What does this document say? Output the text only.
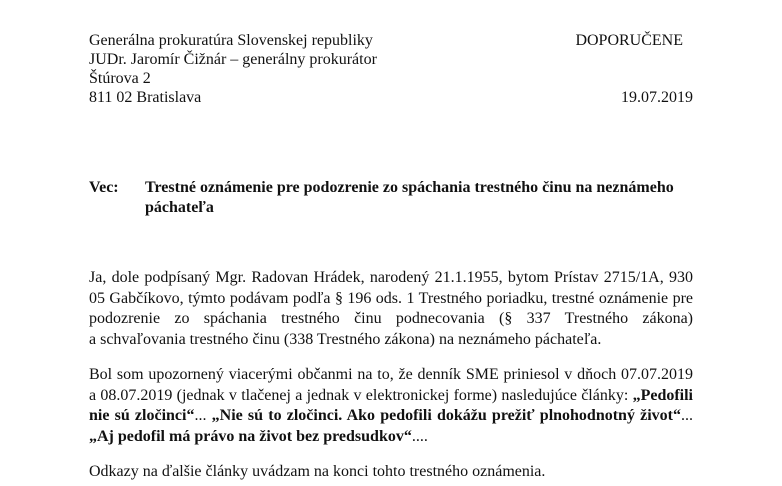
Generálna prokuratúra Slovenskej republiky
JUDr. Jaromír Čižnár – generálny prokurátor
Štúrova 2
811 02 Bratislava
DOPORUČENE
19.07.2019
Vec: Trestné oznámenie pre podozrenie zo spáchania trestného činu na neznámeho
páchateľa
Ja, dole podpísaný Mgr. Radovan Hrádek, narodený 21.1.1955, bytom Prístav 2715/1A, 930
05 Gabčíkovo, týmto podávam podľa § 196 ods. 1 Trestného poriadku, trestné oznámenie pre
podozrenie zo spáchania trestného činu podnecovania (§ 337 Trestného zákona)
a schvaľovania trestného činu (338 Trestného zákona) na neznámeho páchateľa.
Bol som upozornený viacerými občanmi na to, že denník SME priniesol v dňoch 07.07.2019
a 08.07.2019 (jednak v tlačenej a jednak v elektronickej forme) nasledujúce články: „Pedofili
nie sú zločinci“... „Nie sú to zločinci. Ako pedofili dokážu prežiť plnohodnotný život“...
„Aj pedofil má právo na život bez predsudkov“....
Odkazy na ďalšie články uvádzam na konci tohto trestného oznámenia.
